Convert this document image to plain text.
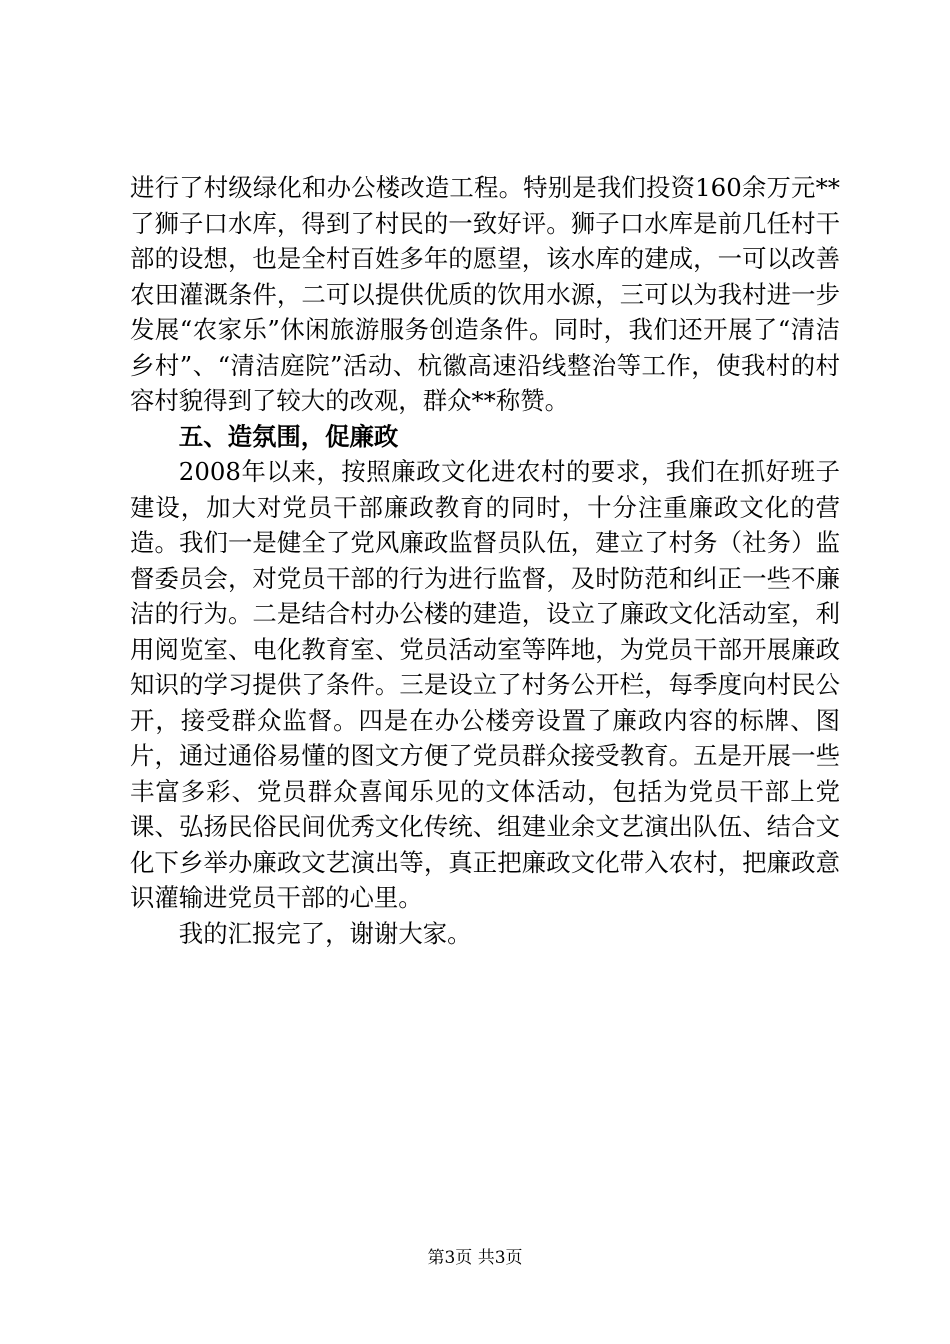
进行了村级绿化和办公楼改造工程。特别是我们投资160余万元**了狮子口水库，得到了村民的一致好评。狮子口水库是前几任村干部的设想，也是全村百姓多年的愿望，该水库的建成，一可以改善农田灌溉条件，二可以提供优质的饮用水源，三可以为我村进一步发展“农家乐”休闲旅游服务创造条件。同时，我们还开展了“清洁乡村”、“清洁庭院”活动、杭徽高速沿线整治等工作，使我村的村容村貌得到了较大的改观，群众**称赞。

五、造氛围，促廉政

2008年以来，按照廉政文化进农村的要求，我们在抓好班子建设，加大对党员干部廉政教育的同时，十分注重廉政文化的营造。我们一是健全了党风廉政监督员队伍，建立了村务（社务）监督委员会，对党员干部的行为进行监督，及时防范和纠正一些不廉洁的行为。二是结合村办公楼的建造，设立了廉政文化活动室，利用阅览室、电化教育室、党员活动室等阵地，为党员干部开展廉政知识的学习提供了条件。三是设立了村务公开栏，每季度向村民公开，接受群众监督。四是在办公楼旁设置了廉政内容的标牌、图片，通过通俗易懂的图文方便了党员群众接受教育。五是开展一些丰富多彩、党员群众喜闻乐见的文体活动，包括为党员干部上党课、弘扬民俗民间优秀文化传统、组建业余文艺演出队伍、结合文化下乡举办廉政文艺演出等，真正把廉政文化带入农村，把廉政意识灌输进党员干部的心里。

我的汇报完了，谢谢大家。

第3页 共3页
